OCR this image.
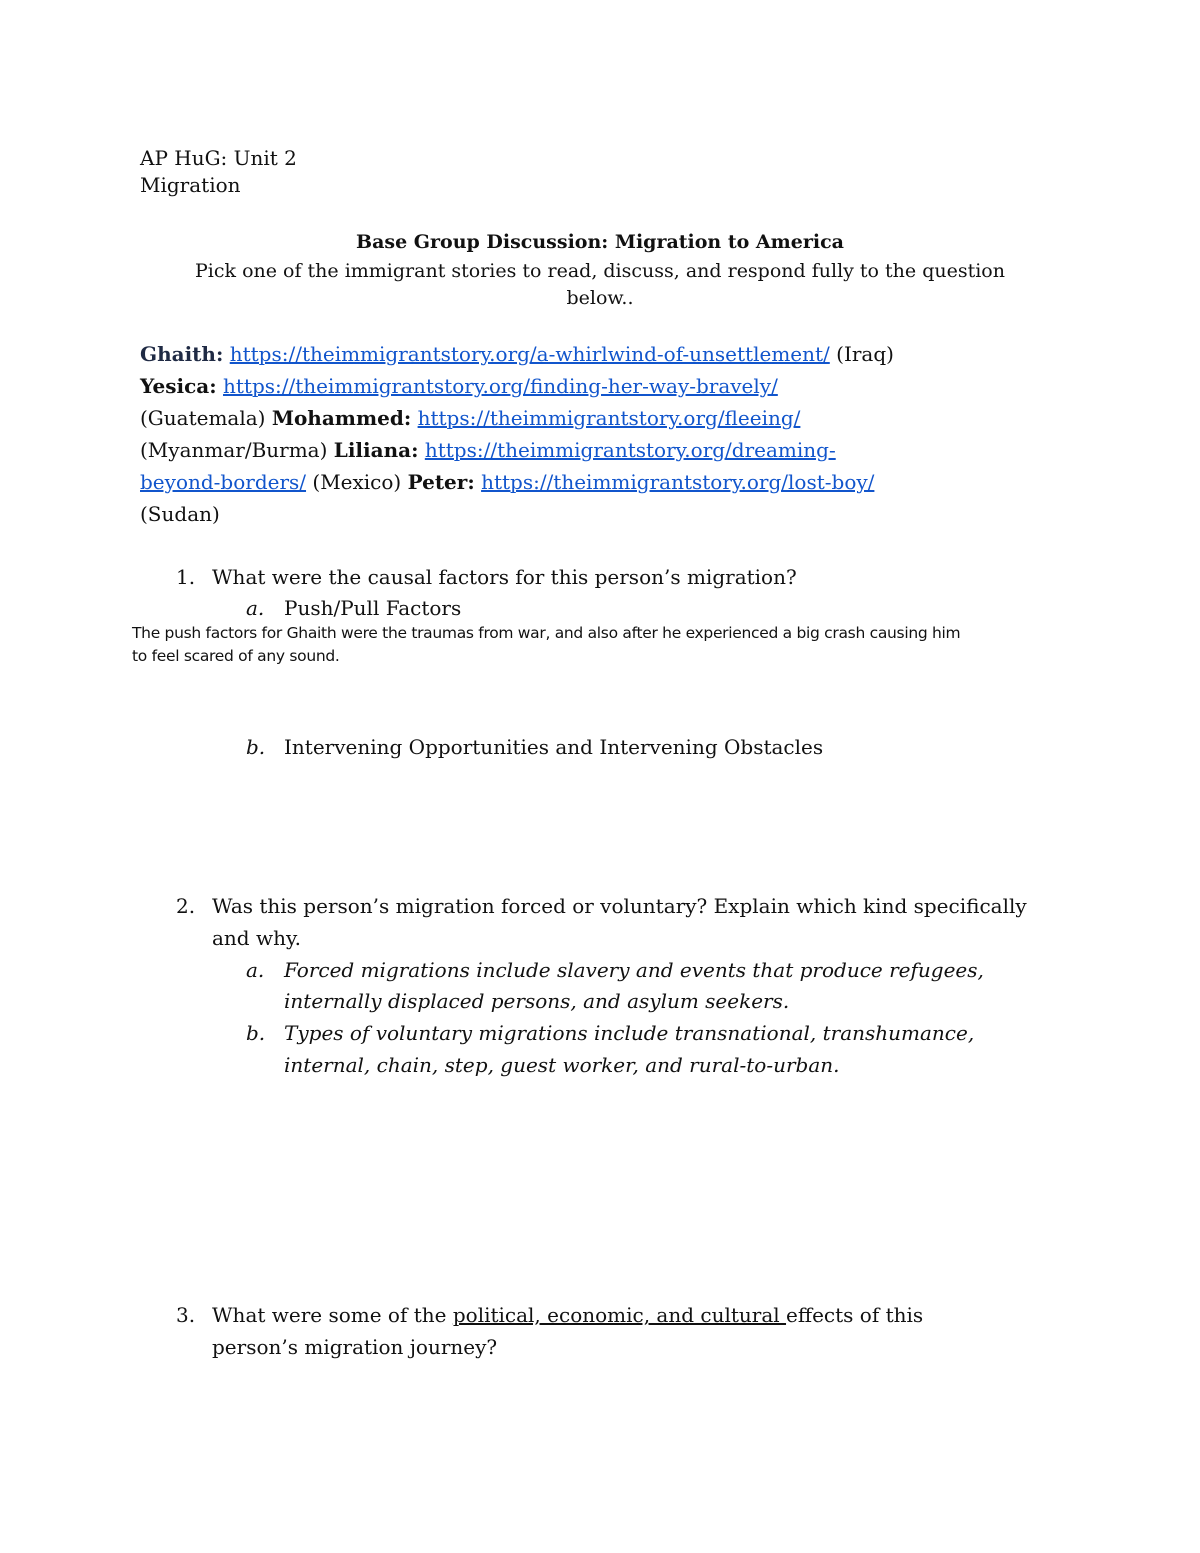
AP HuG: Unit 2
Migration
Base Group Discussion: Migration to America
Pick one of the immigrant stories to read, discuss, and respond fully to the question
below..
Ghaith: https://theimmigrantstory.org/a-whirlwind-of-unsettlement/ (Iraq)
Yesica: https://theimmigrantstory.org/finding-her-way-bravely/
(Guatemala) Mohammed: https://theimmigrantstory.org/fleeing/
(Myanmar/Burma) Liliana: https://theimmigrantstory.org/dreaming-
beyond-borders/ (Mexico) Peter: https://theimmigrantstory.org/lost-boy/
(Sudan)
1. What were the causal factors for this person’s migration?
a. Push/Pull Factors
The push factors for Ghaith were the traumas from war, and also after he experienced a big crash causing him
to feel scared of any sound.
b. Intervening Opportunities and Intervening Obstacles
2. Was this person’s migration forced or voluntary? Explain which kind specifically
and why.
a. Forced migrations include slavery and events that produce refugees,
internally displaced persons, and asylum seekers.
b. Types of voluntary migrations include transnational, transhumance,
internal, chain, step, guest worker, and rural-to-urban.
3. What were some of the political, economic, and cultural effects of this
person’s migration journey?
